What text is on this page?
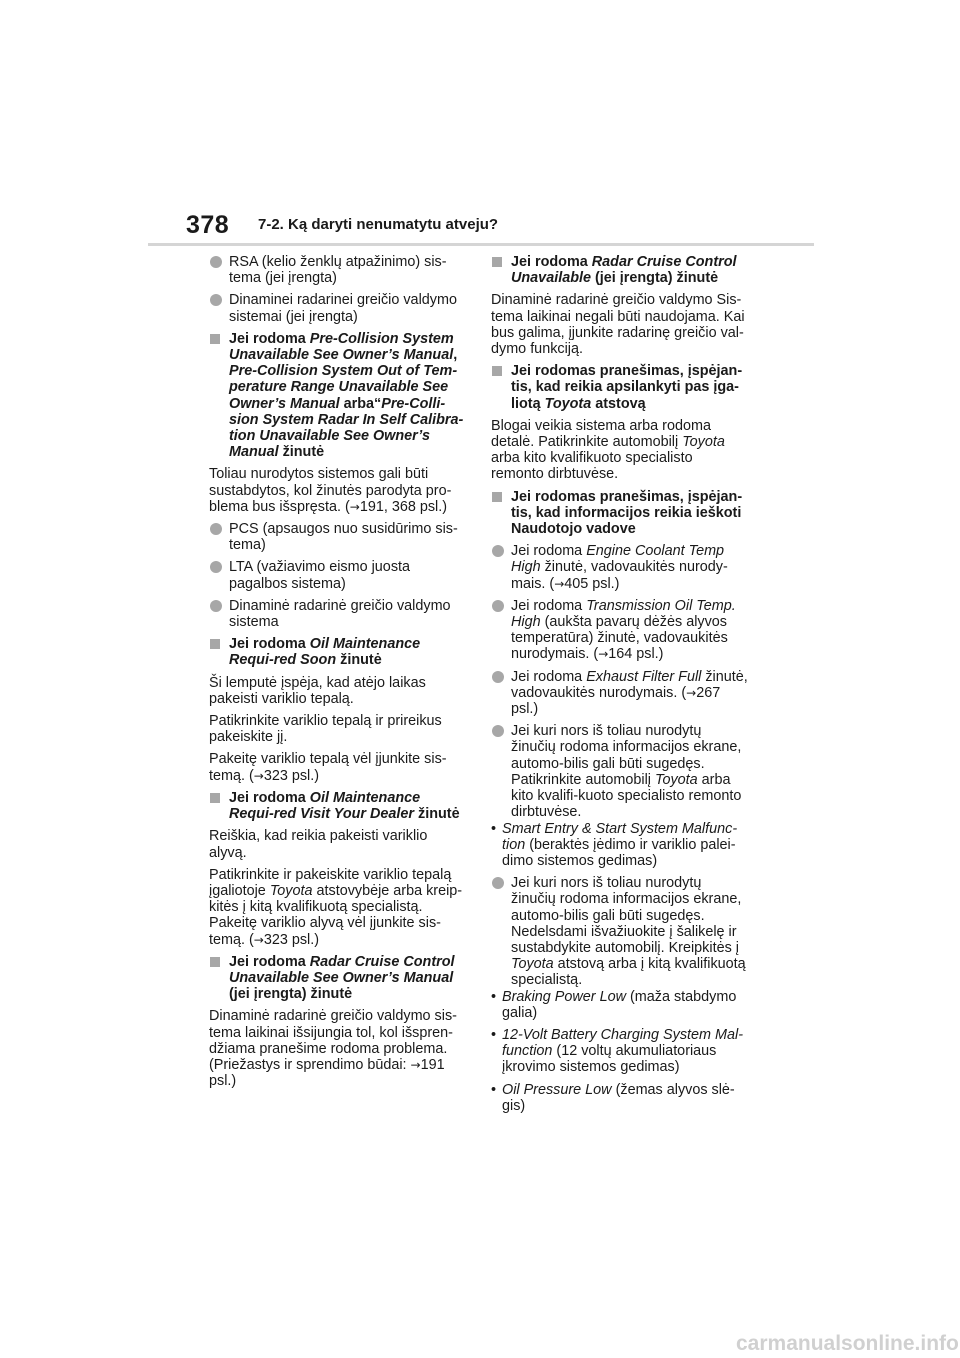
378 7-2. Ką daryti nenumatytu atveju?
RSA (kelio ženklų atpažinimo) sis-tema (jei įrengta)
Dinaminei radarinei greičio valdymo sistemai (jei įrengta)
Jei rodoma Pre-Collision System Unavailable See Owner’s Manual, Pre-Collision System Out of Tem-perature Range Unavailable See Owner’s Manual arba“Pre-Colli-sion System Radar In Self Calibra-tion Unavailable See Owner’s Manual žinutė
Toliau nurodytos sistemos gali būti sustabdytos, kol žinutės parodyta pro-blema bus išspręsta. (→191, 368 psl.)
PCS (apsaugos nuo susidūrimo sis-tema)
LTA (važiavimo eismo juosta pagalbos sistema)
Dinaminė radarinė greičio valdymo sistema
Jei rodoma Oil Maintenance Requi-red Soon žinutė
Ši lemputė įspėja, kad atėjo laikas pakeisti variklio tepalą.
Patikrinkite variklio tepalą ir prireikus pakeiskite jį.
Pakeitę variklio tepalą vėl įjunkite sis-temą. (→323 psl.)
Jei rodoma Oil Maintenance Requi-red Visit Your Dealer žinutė
Reiškia, kad reikia pakeisti variklio alyvą.
Patikrinkite ir pakeiskite variklio tepalą įgaliotoje Toyota atstovybėje arba kreip-kitės į kitą kvalifikuotą specialistą. Pakeitę variklio alyvą vėl įjunkite sis-temą. (→323 psl.)
Jei rodoma Radar Cruise Control Unavailable See Owner’s Manual (jei įrengta) žinutė
Dinaminė radarinė greičio valdymo sis-tema laikinai išsijungia tol, kol išspren-džiama pranešime rodoma problema. (Priežastys ir sprendimo būdai: →191 psl.)
Jei rodoma Radar Cruise Control Unavailable (jei įrengta) žinutė
Dinaminė radarinė greičio valdymo Sis-tema laikinai negali būti naudojama. Kai bus galima, įjunkite radarinę greičio val-dymo funkciją.
Jei rodomas pranešimas, įspėjan-tis, kad reikia apsilankyti pas įga-liotą Toyota atstovą
Blogai veikia sistema arba rodoma detalė. Patikrinkite automobilį Toyota arba kito kvalifikuoto specialisto remonto dirbtuvėse.
Jei rodomas pranešimas, įspėjan-tis, kad informacijos reikia ieškoti Naudotojo vadove
Jei rodoma Engine Coolant Temp High žinutė, vadovaukitės nurody-mais. (→405 psl.)
Jei rodoma Transmission Oil Temp. High (aukšta pavarų dėžės alyvos temperatūra) žinutė, vadovaukitės nurodymais. (→164 psl.)
Jei rodoma Exhaust Filter Full žinutė, vadovaukitės nurodymais. (→267 psl.)
Jei kuri nors iš toliau nurodytų žinučių rodoma informacijos ekrane, automo-bilis gali būti sugedęs. Patikrinkite automobilį Toyota arba kito kvalifi-kuoto specialisto remonto dirbtuvėse.
• Smart Entry & Start System Malfunc-tion (beraktės įėdimo ir variklio palei-dimo sistemos gedimas)
Jei kuri nors iš toliau nurodytų žinučių rodoma informacijos ekrane, automo-bilis gali būti sugedęs. Nedelsdami išvažiuokite į šalikelę ir sustabdykite automobilį. Kreipkitės į Toyota atstovą arba į kitą kvalifikuotą specialistą.
• Braking Power Low (maža stabdymo galia)
• 12-Volt Battery Charging System Mal-function (12 voltų akumuliatoriaus įkrovimo sistemos gedimas)
• Oil Pressure Low (žemas alyvos slė-gis)
carmanualsonline.info
